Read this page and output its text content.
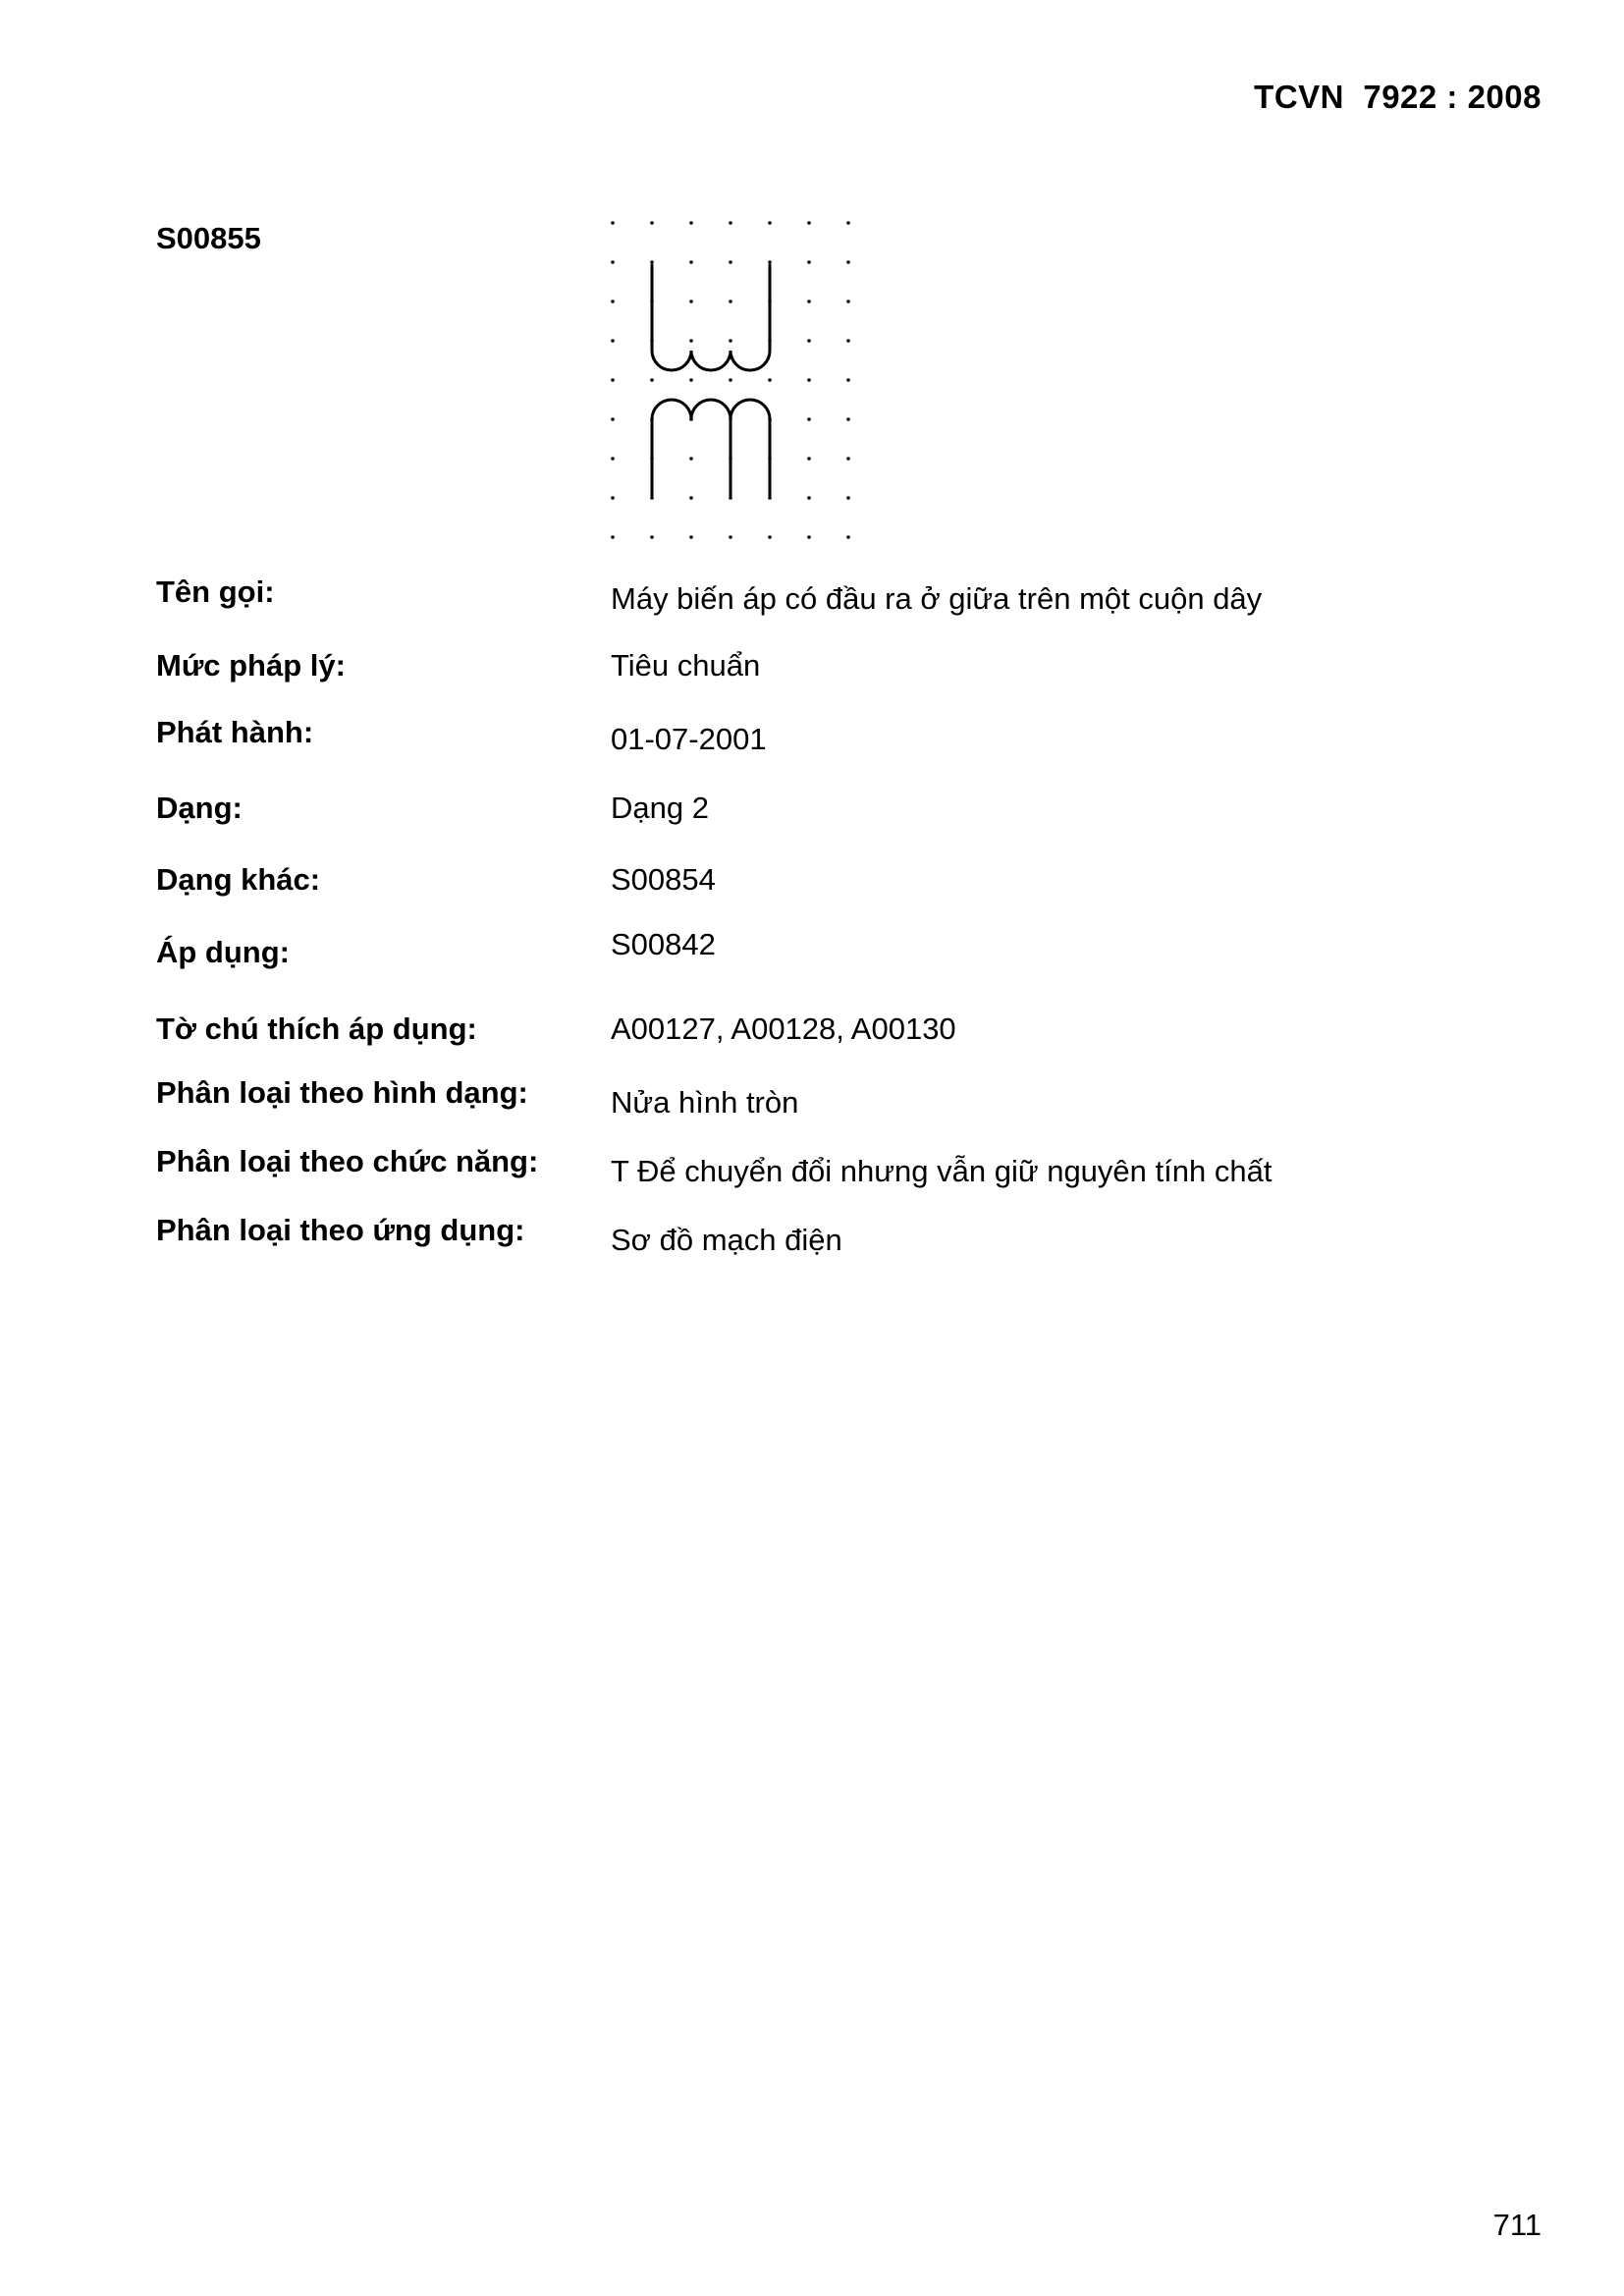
TCVN  7922 : 2008
S00855
Tên gọi:	Máy biến áp có đầu ra ở giữa trên một cuộn dây
Mức pháp lý:	Tiêu chuẩn
Phát hành:	01-07-2001
Dạng:	Dạng 2
Dạng khác:	S00854
Áp dụng:	S00842
Tờ chú thích áp dụng:	A00127, A00128, A00130
Phân loại theo hình dạng:	Nửa hình tròn
Phân loại theo chức năng: T Để chuyển đổi nhưng vẫn giữ nguyên tính chất
Phân loại theo ứng dụng:	Sơ đồ mạch điện
711
